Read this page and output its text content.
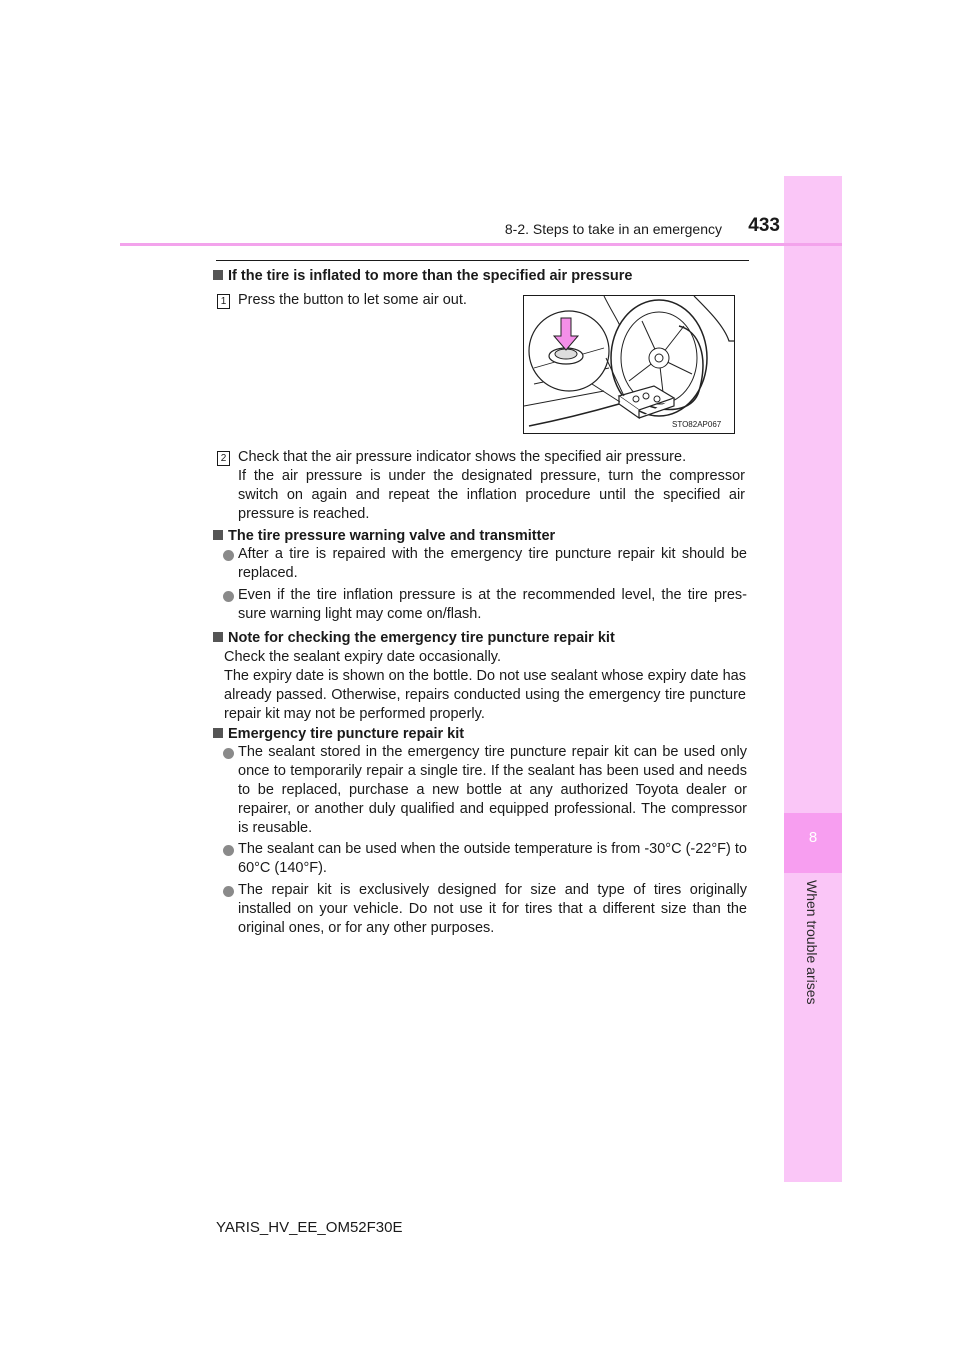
8
When trouble arises
8-2. Steps to take in an emergency	433
If the tire is inflated to more than the specified air pressure
1 Press the button to let some air out.
STO82AP067
2 Check that the air pressure indicator shows the specified air pressure.
If the air pressure is under the designated pressure, turn the compressor switch on again and repeat the inflation procedure until the specified air pressure is reached.
The tire pressure warning valve and transmitter
After a tire is repaired with the emergency tire puncture repair kit should be replaced.
Even if the tire inflation pressure is at the recommended level, the tire pres- sure warning light may come on/flash.
Note for checking the emergency tire puncture repair kit
Check the sealant expiry date occasionally.
The expiry date is shown on the bottle. Do not use sealant whose expiry date has already passed. Otherwise, repairs conducted using the emergency tire puncture repair kit may not be performed properly.
Emergency tire puncture repair kit
The sealant stored in the emergency tire puncture repair kit can be used only once to temporarily repair a single tire. If the sealant has been used and needs to be replaced, purchase a new bottle at any authorized Toyota dealer or repairer, or another duly qualified and equipped professional. The compressor is reusable.
The sealant can be used when the outside temperature is from -30°C (-22°F) to 60°C (140°F).
The repair kit is exclusively designed for size and type of tires originally installed on your vehicle. Do not use it for tires that a different size than the original ones, or for any other purposes.
YARIS_HV_EE_OM52F30E
